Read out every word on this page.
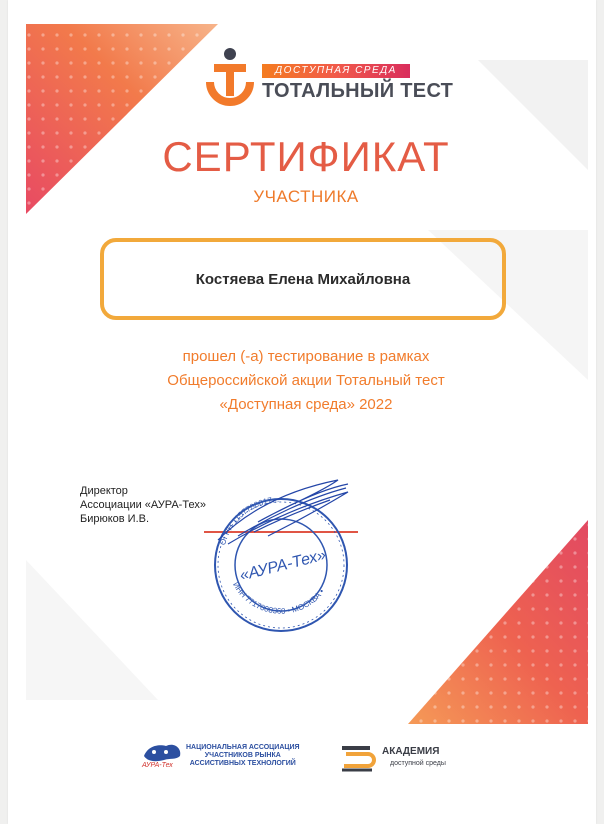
ДОСТУПНАЯ СРЕДА
ТОТАЛЬНЫЙ ТЕСТ
СЕРТИФИКАТ
УЧАСТНИКА
Костяева Елена Михайловна
прошел (-а) тестирование в рамках
Общероссийской акции Тотальный тест
«Доступная среда» 2022
Директор
Ассоциации «АУРА-Тех»
Бирюков И.В.
ОГРН 1157700017...
ИНН 7717008360 • МОСКВА •
«АУРА-Тех»
АУРА-Тех
НАЦИОНАЛЬНАЯ АССОЦИАЦИЯ
УЧАСТНИКОВ РЫНКА
АССИСТИВНЫХ ТЕХНОЛОГИЙ
АКАДЕМИЯ
доступной среды
